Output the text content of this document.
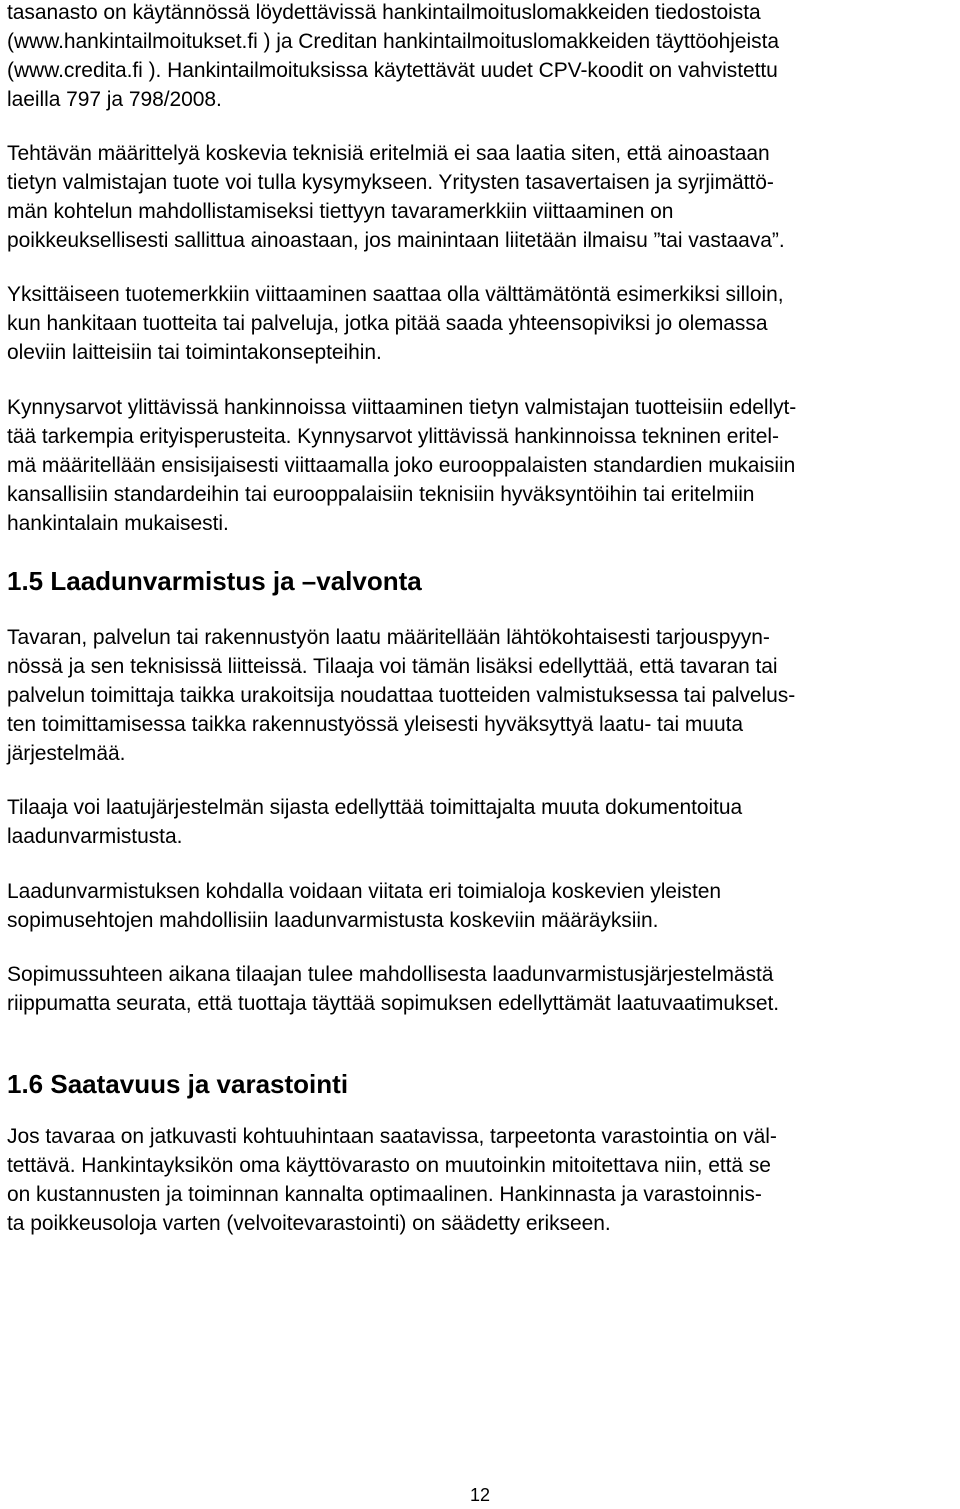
tasanasto on käytännössä löydettävissä hankintailmoituslomakkeiden tiedostoista
(www.hankintailmoitukset.fi ) ja Creditan hankintailmoituslomakkeiden täyttöohjeista
(www.credita.fi ). Hankintailmoituksissa käytettävät uudet CPV-koodit on vahvistettu
laeilla 797 ja 798/2008.
Tehtävän määrittelyä koskevia teknisiä eritelmiä ei saa laatia siten, että ainoastaan
tietyn valmistajan tuote voi tulla kysymykseen. Yritysten tasavertaisen ja syrjimättö-
män kohtelun mahdollistamiseksi tiettyyn tavaramerkkiin viittaaminen on
poikkeuksellisesti sallittua ainoastaan, jos mainintaan liitetään ilmaisu ”tai vastaava”.
Yksittäiseen tuotemerkkiin viittaaminen saattaa olla välttämätöntä esimerkiksi silloin,
kun hankitaan tuotteita tai palveluja, jotka pitää saada yhteensopiviksi jo olemassa
oleviin laitteisiin tai toimintakonsepteihin.
Kynnysarvot ylittävissä hankinnoissa viittaaminen tietyn valmistajan tuotteisiin edellyt-
tää tarkempia erityisperusteita. Kynnysarvot ylittävissä hankinnoissa tekninen eritel-
mä määritellään ensisijaisesti viittaamalla joko eurooppalaisten standardien mukaisiin
kansallisiin standardeihin tai eurooppalaisiin teknisiin hyväksyntöihin tai eritelmiin
hankintalain mukaisesti.
1.5 Laadunvarmistus ja –valvonta
Tavaran, palvelun tai rakennustyön laatu määritellään lähtökohtaisesti tarjouspyyn-
nössä ja sen teknisissä liitteissä. Tilaaja voi tämän lisäksi edellyttää, että tavaran tai
palvelun toimittaja taikka urakoitsija noudattaa tuotteiden valmistuksessa tai palvelus-
ten toimittamisessa taikka rakennustyössä yleisesti hyväksyttyä laatu- tai muuta
järjestelmää.
Tilaaja voi laatujärjestelmän sijasta edellyttää toimittajalta muuta dokumentoitua
laadunvarmistusta.
Laadunvarmistuksen kohdalla voidaan viitata eri toimialoja koskevien yleisten
sopimusehtojen mahdollisiin laadunvarmistusta koskeviin määräyksiin.
Sopimussuhteen aikana tilaajan tulee mahdollisesta laadunvarmistusjärjestelmästä
riippumatta seurata, että tuottaja täyttää sopimuksen edellyttämät laatuvaatimukset.
1.6 Saatavuus ja varastointi
Jos tavaraa on jatkuvasti kohtuuhintaan saatavissa, tarpeetonta varastointia on väl-
tettävä. Hankintayksikön oma käyttövarasto on muutoinkin mitoitettava niin, että se
on kustannusten ja toiminnan kannalta optimaalinen. Hankinnasta ja varastoinnis-
ta poikkeusoloja varten (velvoitevarastointi) on säädetty erikseen.
12
